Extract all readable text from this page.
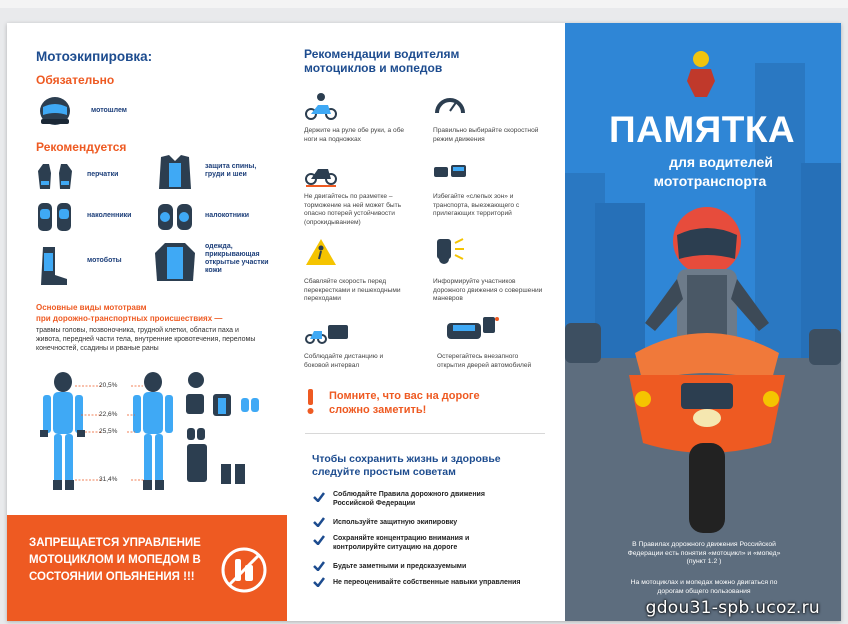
Мотоэкипировка:
Обязательно
мотошлем
Рекомендуется
перчатки
наколенники
мотоботы
защита спины, груди и шеи
налокотники
одежда, прикрывающая открытые участки кожи
Основные виды мототравм
при дорожно-транспортных происшествиях —
травмы головы, позвоночника, грудной клетки, области паха и живота, передней части тела, внутренние кровотечения, переломы конечностей, ссадины и рваные раны
20,5%
22,6%
25,5%
31,4%
ЗАПРЕЩАЕТСЯ УПРАВЛЕНИЕ МОТОЦИКЛОМ И МОПЕДОМ В СОСТОЯНИИ ОПЬЯНЕНИЯ !!!
Рекомендации водителям мотоциклов и мопедов
Держите на руле обе руки, а обе ноги на подножках
Правильно выбирайте скоростной режим движения
Не двигайтесь по разметке – торможение на ней может быть опасно потерей устойчивости (опрокидыванием)
Избегайте «слепых зон» и транспорта, выезжающего с прилегающих территорий
Сбавляйте скорость перед перекрестками и пешеходными переходами
Информируйте участников дорожного движения о совершении маневров
Соблюдайте дистанцию и боковой интервал
Остерегайтесь внезапного открытия дверей автомобилей
Помните, что вас на дороге сложно заметить!
Чтобы сохранить жизнь и здоровье следуйте простым советам
Соблюдайте Правила дорожного движения Российской Федерации
Используйте защитную экипировку
Сохраняйте концентрацию внимания и контролируйте ситуацию на дороге
Будьте заметными и предсказуемыми
Не переоценивайте собственные навыки управления
ПАМЯТКА
для водителей
мототранспорта
В Правилах дорожного движения Российской Федерации есть понятия «мотоцикл» и «мопед» (пункт 1.2 )
На мотоциклах и мопедах можно двигаться по дорогам общего пользования
gdou31-spb.ucoz.ru
